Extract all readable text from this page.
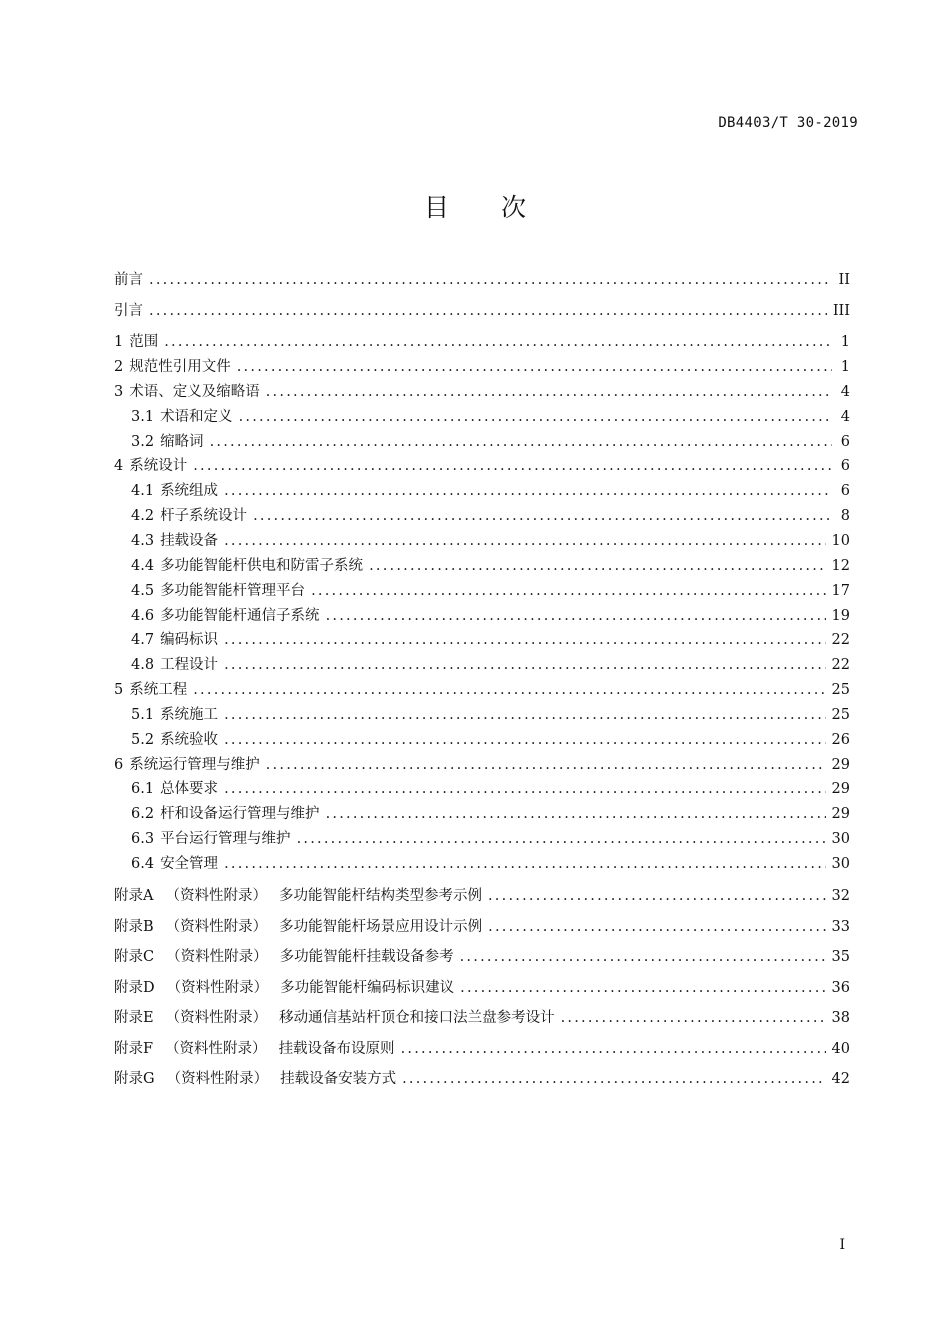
DB4403/T 30-2019
目次
前言 . . .	II
引言 . . .	III
1 范围 . . .	1
2 规范性引用文件 . . .	1
3 术语、定义及缩略语 . . .	4
3.1 术语和定义 . . .	4
3.2 缩略词 . . .	6
4 系统设计 . . .	6
4.1 系统组成 . . .	6
4.2 杆子系统设计 . . .	8
4.3 挂载设备 . . .	10
4.4 多功能智能杆供电和防雷子系统 . . .	12
4.5 多功能智能杆管理平台 . . .	17
4.6 多功能智能杆通信子系统 . . .	19
4.7 编码标识 . . .	22
4.8 工程设计 . . .	22
5 系统工程 . . .	25
5.1 系统施工 . . .	25
5.2 系统验收 . . .	26
6 系统运行管理与维护 . . .	29
6.1 总体要求 . . .	29
6.2 杆和设备运行管理与维护 . . .	29
6.3 平台运行管理与维护 . . .	30
6.4 安全管理 . . .	30
附录A （资料性附录） 多功能智能杆结构类型参考示例 . . .	32
附录B （资料性附录） 多功能智能杆场景应用设计示例 . . .	33
附录C （资料性附录） 多功能智能杆挂载设备参考 . . .	35
附录D （资料性附录） 多功能智能杆编码标识建议 . . .	36
附录E （资料性附录） 移动通信基站杆顶仓和接口法兰盘参考设计 . . .	38
附录F （资料性附录） 挂载设备布设原则 . . .	40
附录G （资料性附录） 挂载设备安装方式 . . .	42
I
